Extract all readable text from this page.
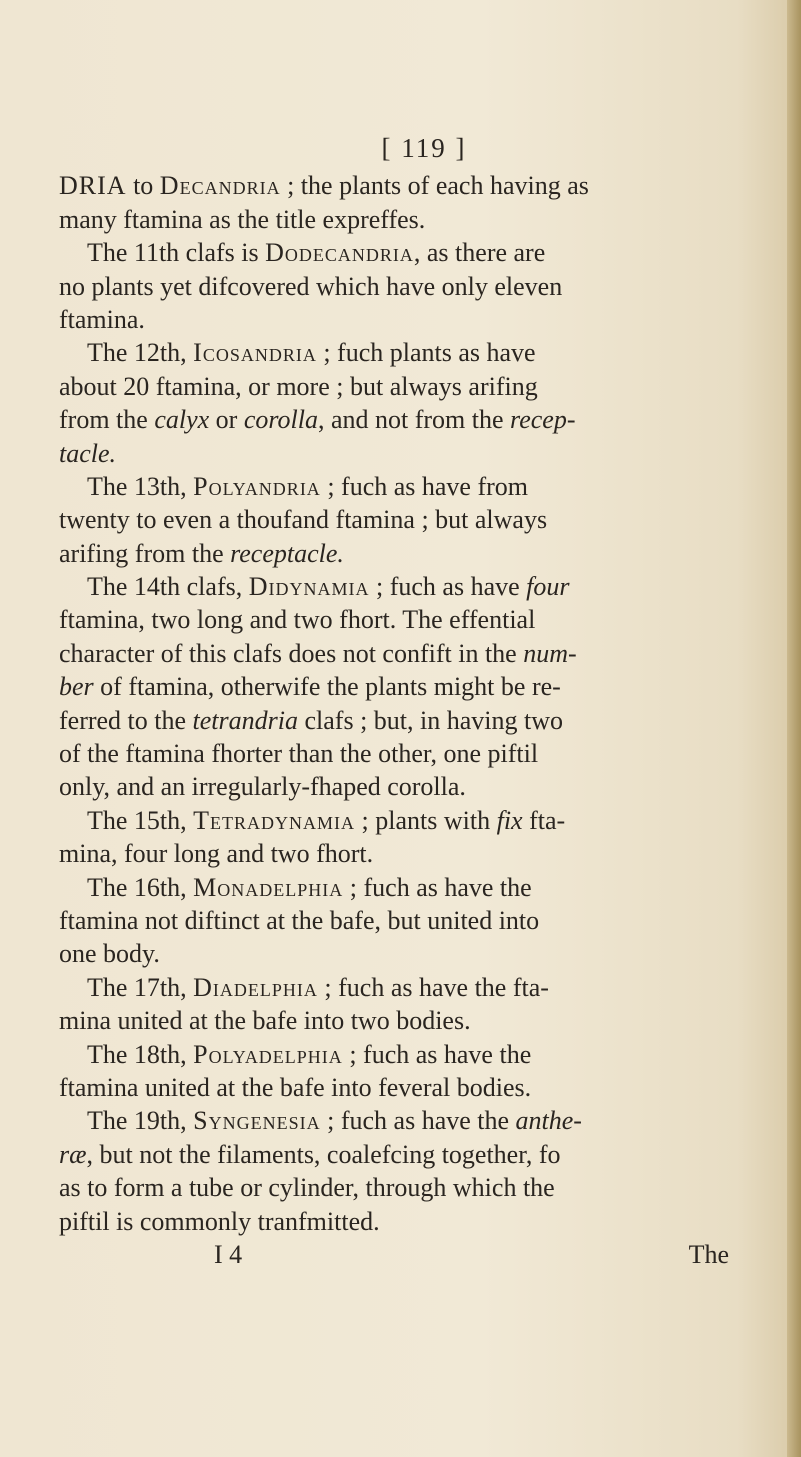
[ 119 ]
DRIA to Decandria ; the plants of each having as
many ftamina as the title expreffes.
The 11th clafs is Dodecandria, as there are
no plants yet difcovered which have only eleven
ftamina.
The 12th, Icosandria ; fuch plants as have
about 20 ftamina, or more ; but always arifing
from the calyx or corolla, and not from the recep-
tacle.
The 13th, Polyandria ; fuch as have from
twenty to even a thoufand ftamina ; but always
arifing from the receptacle.
The 14th clafs, Didynamia ; fuch as have four
ftamina, two long and two fhort. The effential
character of this clafs does not confift in the num-
ber of ftamina, otherwife the plants might be re-
ferred to the tetrandria clafs ; but, in having two
of the ftamina fhorter than the other, one piftil
only, and an irregularly-fhaped corolla.
The 15th, Tetradynamia ; plants with fix fta-
mina, four long and two fhort.
The 16th, Monadelphia ; fuch as have the
ftamina not diftinct at the bafe, but united into
one body.
The 17th, Diadelphia ; fuch as have the fta-
mina united at the bafe into two bodies.
The 18th, Polyadelphia ; fuch as have the
ftamina united at the bafe into feveral bodies.
The 19th, Syngenesia ; fuch as have the anthe-
ræ, but not the filaments, coalefcing together, fo
as to form a tube or cylinder, through which the
piftil is commonly tranfmitted.
I 4	The
